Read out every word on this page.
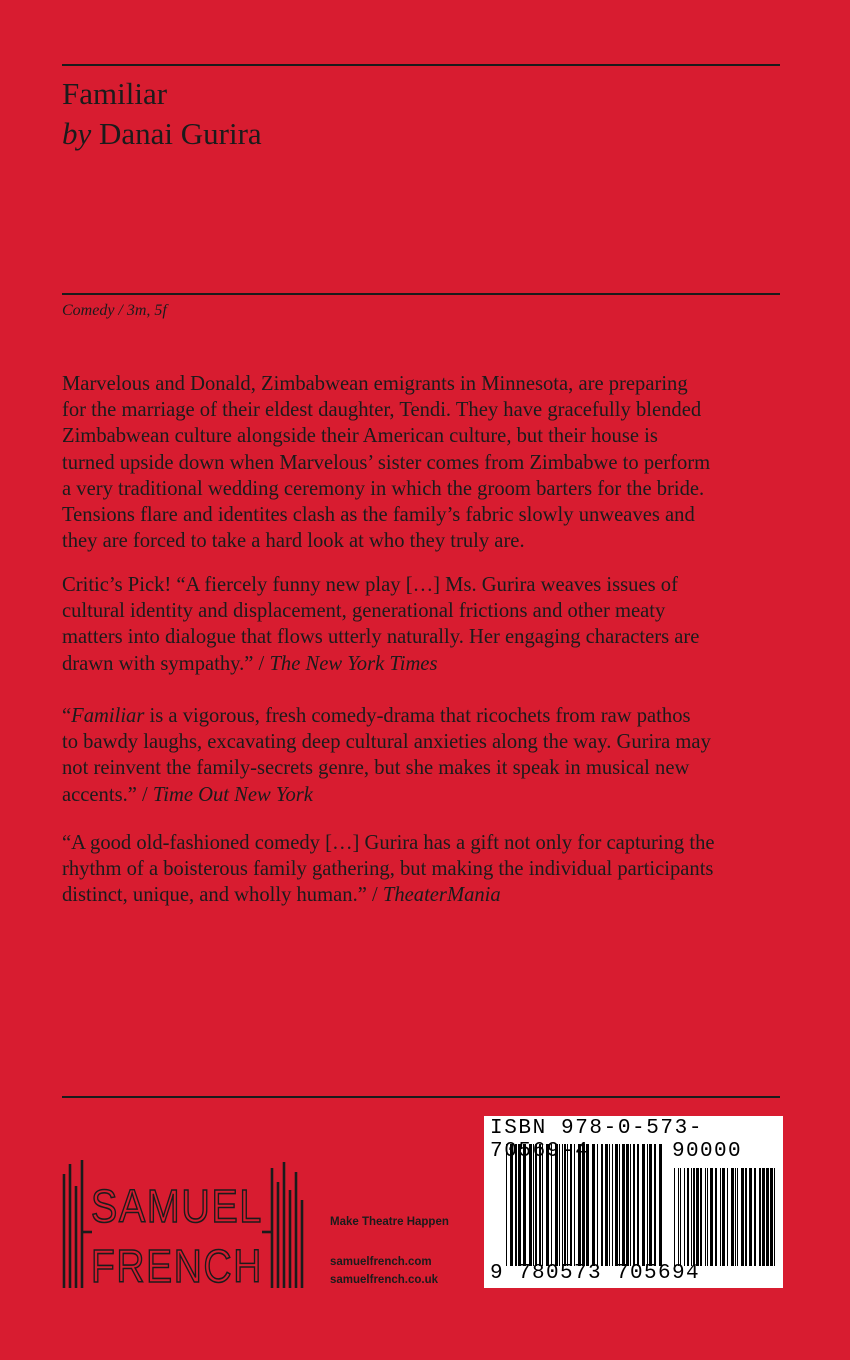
Familiar
by Danai Gurira
Comedy / 3m, 5f

Marvelous and Donald, Zimbabwean emigrants in Minnesota, are preparing

for the marriage of their eldest daughter, Tendi. They have gracefully blended

Zimbabwean culture alongside their American culture, but their house is

turned upside down when Marvelous’ sister comes from Zimbabwe to perform

a very traditional wedding ceremony in which the groom barters for the bride.

Tensions flare and identites clash as the family’s fabric slowly unweaves and

they are forced to take a hard look at who they truly are.

Critic’s Pick! “A fiercely funny new play […] Ms. Gurira weaves issues of

cultural identity and displacement, generational frictions and other meaty

matters into dialogue that flows utterly naturally. Her engaging characters are

drawn with sympathy.” / The New York Times

“Familiar is a vigorous, fresh comedy-drama that ricochets from raw pathos

to bawdy laughs, excavating deep cultural anxieties along the way. Gurira may

not reinvent the family-secrets genre, but she makes it speak in musical new

accents.” / Time Out New York

“A good old-fashioned comedy […] Gurira has a gift not only for capturing the

rhythm of a boisterous family gathering, but making the individual participants

distinct, unique, and wholly human.” / TheaterMania

SAMUEL
FRENCH
Make Theatre Happen
samuelfrench.com
samuelfrench.co.uk
ISBN 978-0-573-70569-4	90000
9 780573 705694
